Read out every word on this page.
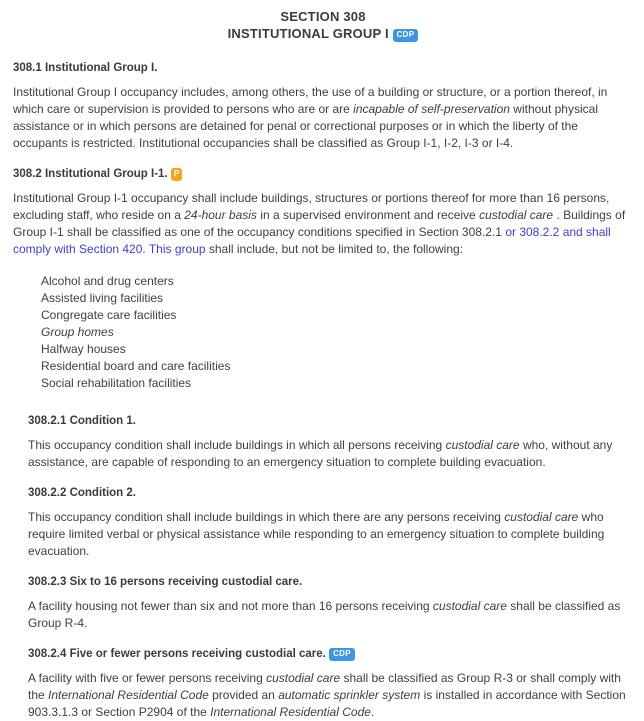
SECTION 308
INSTITUTIONAL GROUP I CDP
308.1 Institutional Group I.

Institutional Group I occupancy includes, among others, the use of a building or structure, or a portion thereof, in which care or supervision is provided to persons who are or are incapable of self-preservation without physical assistance or in which persons are detained for penal or correctional purposes or in which the liberty of the occupants is restricted. Institutional occupancies shall be classified as Group I-1, I-2, I-3 or I-4.

308.2 Institutional Group I-1. P

Institutional Group I-1 occupancy shall include buildings, structures or portions thereof for more than 16 persons, excluding staff, who reside on a 24-hour basis in a supervised environment and receive custodial care . Buildings of Group I-1 shall be classified as one of the occupancy conditions specified in Section 308.2.1 or 308.2.2 and shall comply with Section 420. This group shall include, but not be limited to, the following:

Alcohol and drug centers
Assisted living facilities
Congregate care facilities
Group homes
Halfway houses
Residential board and care facilities
Social rehabilitation facilities
308.2.1 Condition 1.

This occupancy condition shall include buildings in which all persons receiving custodial care who, without any assistance, are capable of responding to an emergency situation to complete building evacuation.

308.2.2 Condition 2.

This occupancy condition shall include buildings in which there are any persons receiving custodial care who require limited verbal or physical assistance while responding to an emergency situation to complete building evacuation.

308.2.3 Six to 16 persons receiving custodial care.

A facility housing not fewer than six and not more than 16 persons receiving custodial care shall be classified as Group R-4.

308.2.4 Five or fewer persons receiving custodial care. CDP

A facility with five or fewer persons receiving custodial care shall be classified as Group R-3 or shall comply with the International Residential Code provided an automatic sprinkler system is installed in accordance with Section 903.3.1.3 or Section P2904 of the International Residential Code.
